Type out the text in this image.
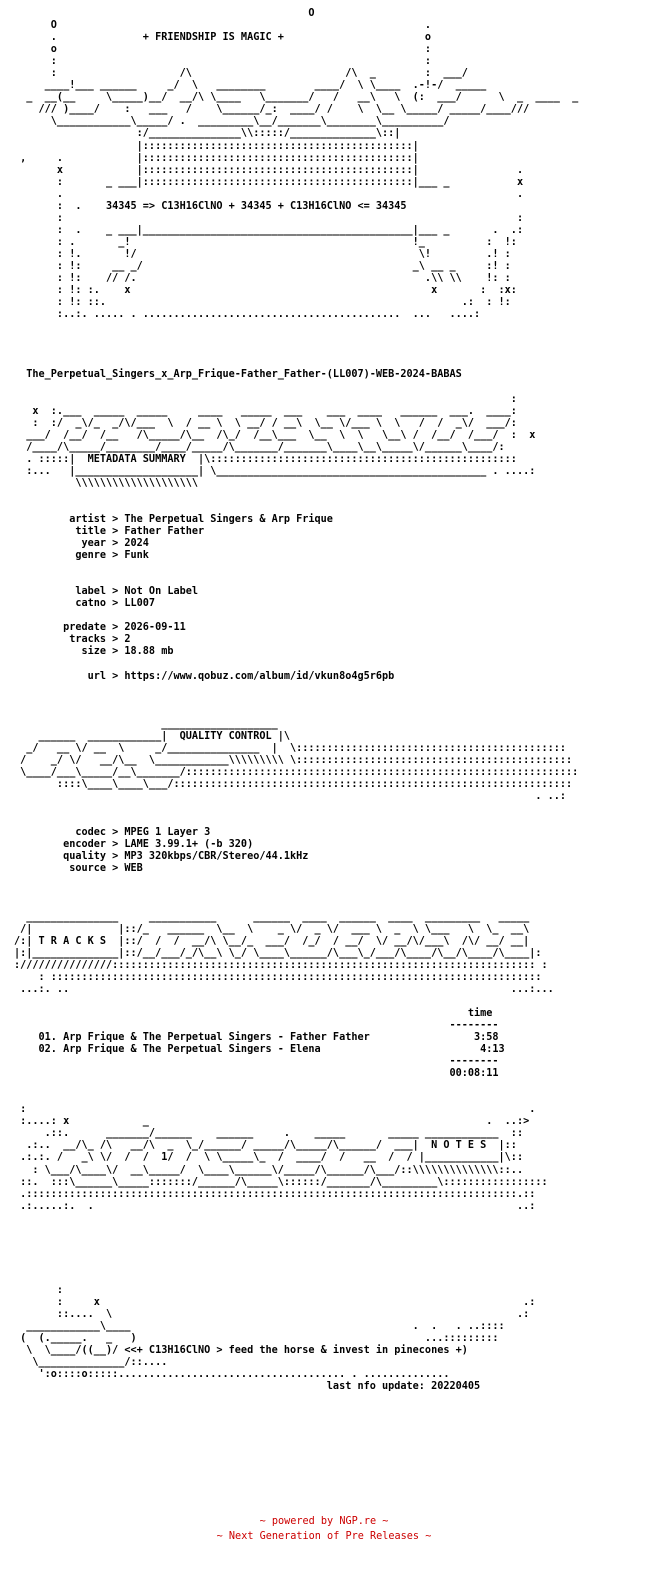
O
O                                                            .
.              + FRIENDSHIP IS MAGIC +                       o
o                                                            :
:                                                            :
:                    /\                         /\  _        :  ___/
____!___ ______     _/  \   ________        ____/  \ \____  .-!-/  _____
_  __(__     \_____)__/  __/\ \____   \_______/   /   __\   \  (:  ___/      \  _  ____  _
/// )____/    :   ___   /    \______/_:  ____/ /    \  \__ \_____/ _____/____///
\____________\_____/ .  _________\__/_______\________\__________/
:/_______________\\:::::/______________\::|
|::::::::::::::::::::::::::::::::::::::::::::|
,     .            |::::::::::::::::::::::::::::::::::::::::::::|
x            |::::::::::::::::::::::::::::::::::::::::::::|                .
:       _ ___|::::::::::::::::::::::::::::::::::::::::::::|___ _           x
.                                                                          .
:  .    34345 => C13H16ClNO + 34345 + C13H16ClNO <= 34345
:                                                                          :
:  .    _ ___|____________________________________________|___ _       .  .:
: .       _!                                              !_          :  !:
: !.       !/                                              \!         .! :
: !:     __ _/                                            _\ __ _     :! :
: !:    // /.                                               .\\ \\    !: :
: !: :.    x                                                 x       :  :x:
: !: ::.                                                          .:  : !:
:..:. ..... . ..........................................  ...   ....:

The_Perpetual_Singers_x_Arp_Frique-Father_Father-(LL007)-WEB-2024-BABAS

:
x  :.___  _____  _____     ____   _____  ___    ___  ____   ______  ___.  ____:
:  :/  _\/_  _/\/___  \  / __ \  \ __/ / __\  \__ \/___ \  \   /  /  _\/  ___/:
___/  /__/  /__   /\_____/\__  /\_/  /__\___  \__  \  \   \__\ /  /__/  /___/  :  x
/____/\_____/________/____/_____/\_______/_______\____\__\_____\/______\____/:
. :::::|  METADATA SUMMARY  |\::::::::::::::::::::::::::::::::::::::::::::::::::
:...   |____________________| \____________________________________________ . ....:
\\\\\\\\\\\\\\\\\\\\

artist > The Perpetual Singers & Arp Frique
title > Father Father
year > 2024
genre > Funk

label > Not On Label
catno > LL007

predate > 2026-09-11
tracks > 2
size > 18.88 mb

url > https://www.qobuz.com/album/id/vkun8o4g5r6pb

___________________
______  ____________|  QUALITY CONTROL |\
_/   __ \/ __  \     _/_______________  |  \::::::::::::::::::::::::::::::::::::::::::::
/    _/ \/   __/\__  \____________\\\\\\\\\ \:::::::::::::::::::::::::::::::::::::::::::::
\____/___\_____/__\_______/::::::::::::::::::::::::::::::::::::::::::::::::::::::::::::::::
::::\____\____\___/:::::::::::::::::::::::::::::::::::::::::::::::::::::::::::::::::
. ..:

codec > MPEG 1 Layer 3
encoder > LAME 3.99.1+ (-b 320)
quality > MP3 320kbps/CBR/Stereo/44.1kHz
source > WEB

_______________     ___________      ______  ____  ______  ____  _________   _____
/|              |::/_   ______  \__  \    _ \/  _ \/  ___ \  _  \ \___   \  \_  __\
/:| T R A C K S  |::/  /  /  __/\ \__/_  ___/  /_/  / __/  \/ __/\/___\  /\/ __/ __|
|:|______________|::/__/___/_/\__\ \_/ \____\______/\___\_/___/\____/\__/\____/\____|:
:///////////////::::::::::::::::::::::::::::::::::::::::::::::::::::::::::::::::::::: :
: ::::::::::::::::::::::::::::::::::::::::::::::::::::::::::::::::::::::::::::::::
...:. ..                                                                        ...:...

time
--------
01. Arp Frique & The Perpetual Singers - Father Father                 3:58
02. Arp Frique & The Perpetual Singers - Elena                          4:13
--------
00:08:11

:                                                                                  .
:....: x            _                                                       .  ..:>
.::.      _______/______    ______     .    _____       _____ ____________  ::
.:..  __/\_ /\   __/\  _  \_/______/ _____/\_____/\______/  ___|  N O T E S  |::
.:.:. /   _\ \/  /  /  1/  /  \ \_____\_  /  ____/  /   __  /  / |____________|\::
: \___/\____\/  __\_____/  \____\______\/_____/\______/\___/::\\\\\\\\\\\\\\::..
::.  :::\______\_____:::::::/______/\_____\::::::/_______/\_________\:::::::::::::::::
.::::::::::::::::::::::::::::::::::::::::::::::::::::::::::::::::::::::::::::::::.::
.:.....:.  .                                                                     ..:

:
:     x                                                                     .:
::....  \                                                                  .:
____________\____                                              .  .   . ..::::
(  (._____.   _   )                                               ...:::::::::
\  \____/((__)/ <<+ C13H16ClNO > feed the horse & invest in pinecones +)
\______________/::....
':o::::o:::::..................................... . ..............
last nfo update: 20220405
~ powered by NGP.re ~
~ Next Generation of Pre Releases ~
